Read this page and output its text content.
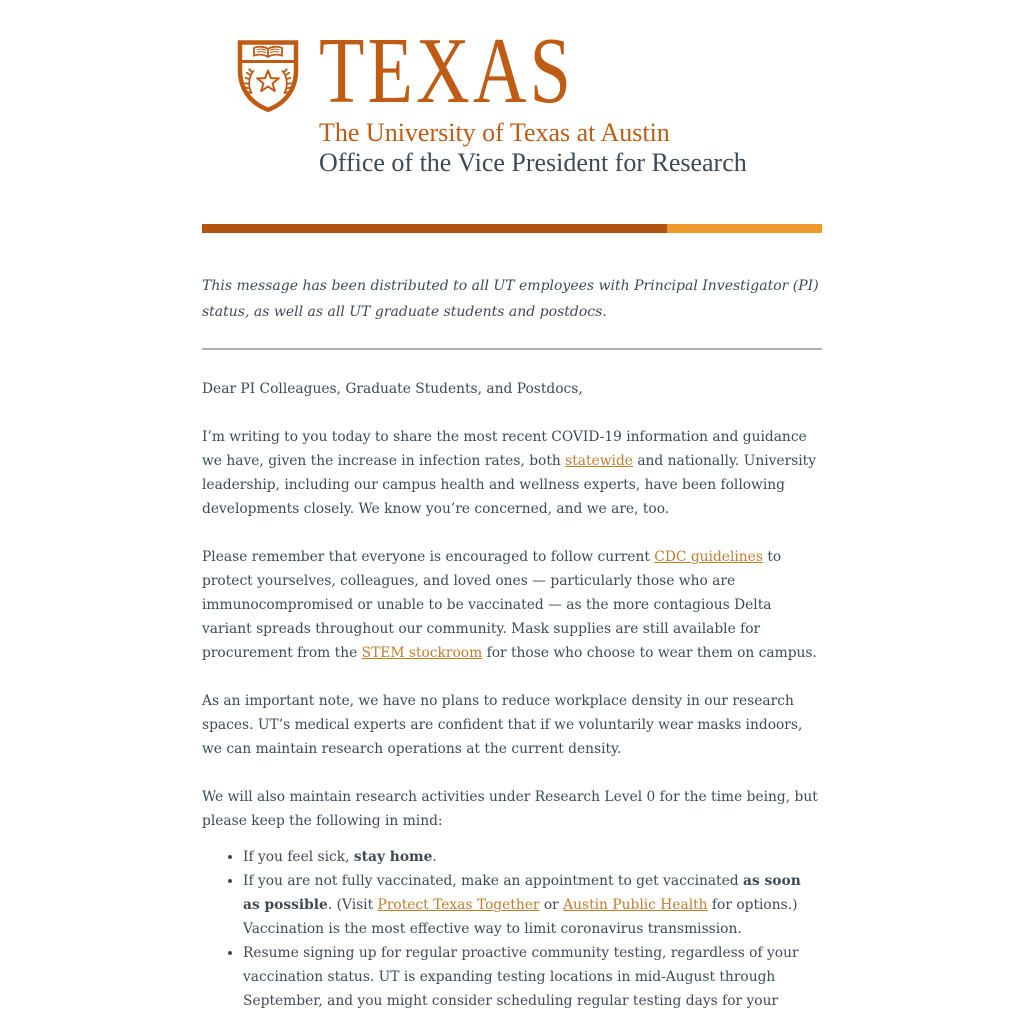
TEXAS
The University of Texas at Austin
Office of the Vice President for Research

This message has been distributed to all UT employees with Principal Investigator (PI) status, as well as all UT graduate students and postdocs.

Dear PI Colleagues, Graduate Students, and Postdocs,

I’m writing to you today to share the most recent COVID-19 information and guidance we have, given the increase in infection rates, both statewide and nationally. University leadership, including our campus health and wellness experts, have been following developments closely. We know you’re concerned, and we are, too.

Please remember that everyone is encouraged to follow current CDC guidelines to protect yourselves, colleagues, and loved ones — particularly those who are immunocompromised or unable to be vaccinated — as the more contagious Delta variant spreads throughout our community. Mask supplies are still available for procurement from the STEM stockroom for those who choose to wear them on campus.

As an important note, we have no plans to reduce workplace density in our research spaces. UT’s medical experts are confident that if we voluntarily wear masks indoors, we can maintain research operations at the current density.

We will also maintain research activities under Research Level 0 for the time being, but please keep the following in mind:

• If you feel sick, stay home.
• If you are not fully vaccinated, make an appointment to get vaccinated as soon as possible. (Visit Protect Texas Together or Austin Public Health for options.) Vaccination is the most effective way to limit coronavirus transmission.
• Resume signing up for regular proactive community testing, regardless of your vaccination status. UT is expanding testing locations in mid-August through September, and you might consider scheduling regular testing days for your
